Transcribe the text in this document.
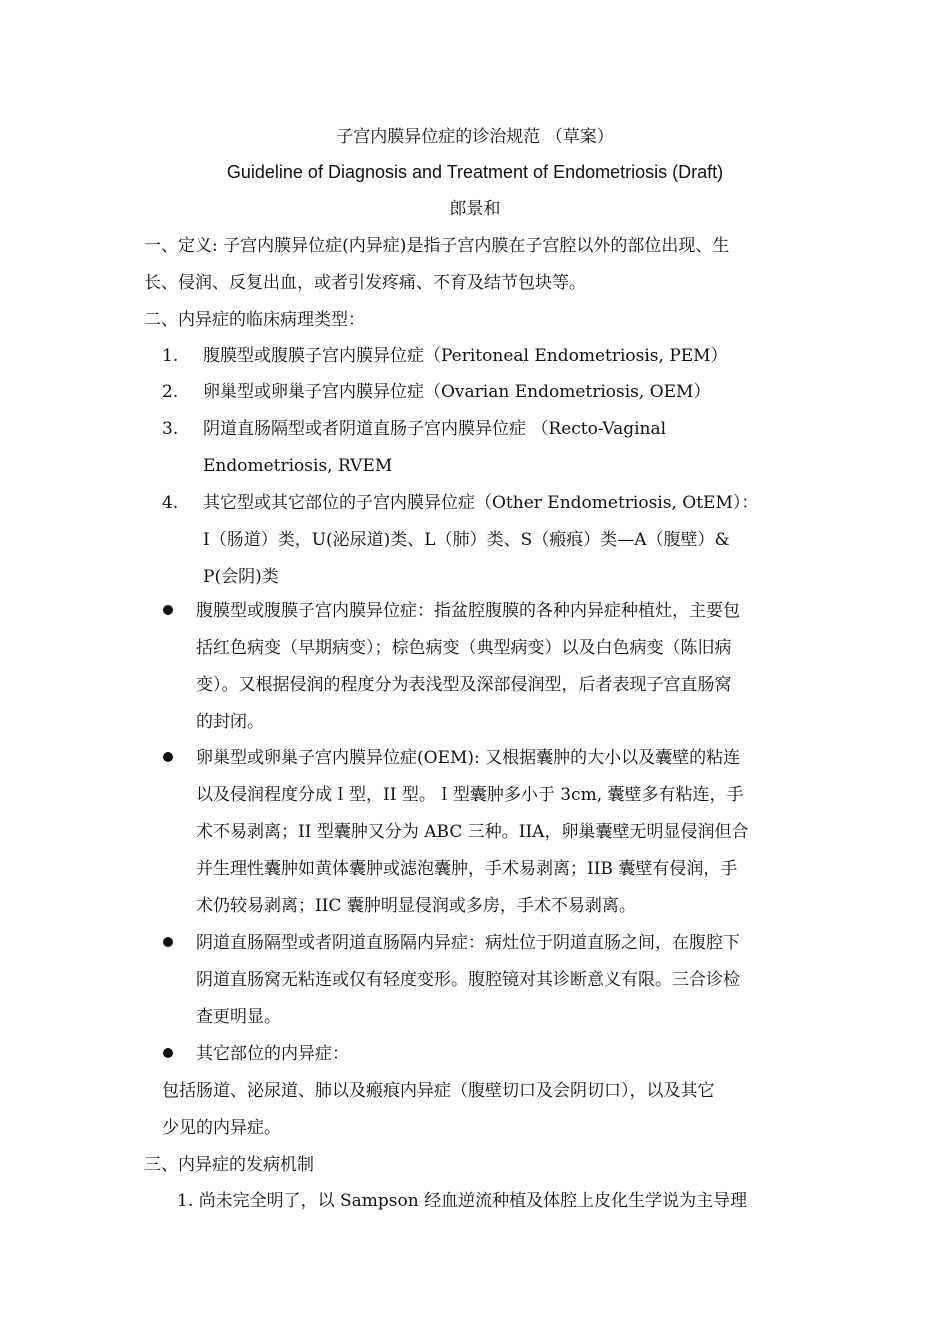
子宫内膜异位症的诊治规范 （草案）
Guideline of Diagnosis and Treatment of Endometriosis (Draft)
郎景和
一、定义: 子宫内膜异位症(内异症)是指子宫内膜在子宫腔以外的部位出现、生
长、侵润、反复出血，或者引发疼痛、不育及结节包块等。
二、内异症的临床病理类型：
1. 腹膜型或腹膜子宫内膜异位症（Peritoneal Endometriosis, PEM）
2. 卵巢型或卵巢子宫内膜异位症（Ovarian Endometriosis, OEM）
3. 阴道直肠隔型或者阴道直肠子宫内膜异位症 （Recto-Vaginal
Endometriosis, RVEM
4. 其它型或其它部位的子宫内膜异位症（Other Endometriosis, OtEM）：
I（肠道）类，U(泌尿道)类、L（肺）类、S（瘢痕）类—A（腹壁）&
P(会阴)类
腹膜型或腹膜子宫内膜异位症：指盆腔腹膜的各种内异症种植灶，主要包
括红色病变（早期病变）；棕色病变（典型病变）以及白色病变（陈旧病
变）。又根据侵润的程度分为表浅型及深部侵润型，后者表现子宫直肠窝
的封闭。
卵巢型或卵巢子宫内膜异位症(OEM): 又根据囊肿的大小以及囊壁的粘连
以及侵润程度分成Ｉ型，II 型。Ｉ型囊肿多小于 3cm, 囊壁多有粘连，手
术不易剥离；II 型囊肿又分为 ABC 三种。IIA，卵巢囊壁无明显侵润但合
并生理性囊肿如黄体囊肿或滤泡囊肿，手术易剥离；IIB 囊壁有侵润，手
术仍较易剥离；IIC 囊肿明显侵润或多房，手术不易剥离。
阴道直肠隔型或者阴道直肠隔内异症：病灶位于阴道直肠之间，在腹腔下
阴道直肠窝无粘连或仅有轻度变形。腹腔镜对其诊断意义有限。三合诊检
查更明显。
其它部位的内异症：
包括肠道、泌尿道、肺以及瘢痕内异症（腹壁切口及会阴切口），以及其它
少见的内异症。
三、内异症的发病机制
1. 尚未完全明了，以 Sampson 经血逆流种植及体腔上皮化生学说为主导理
